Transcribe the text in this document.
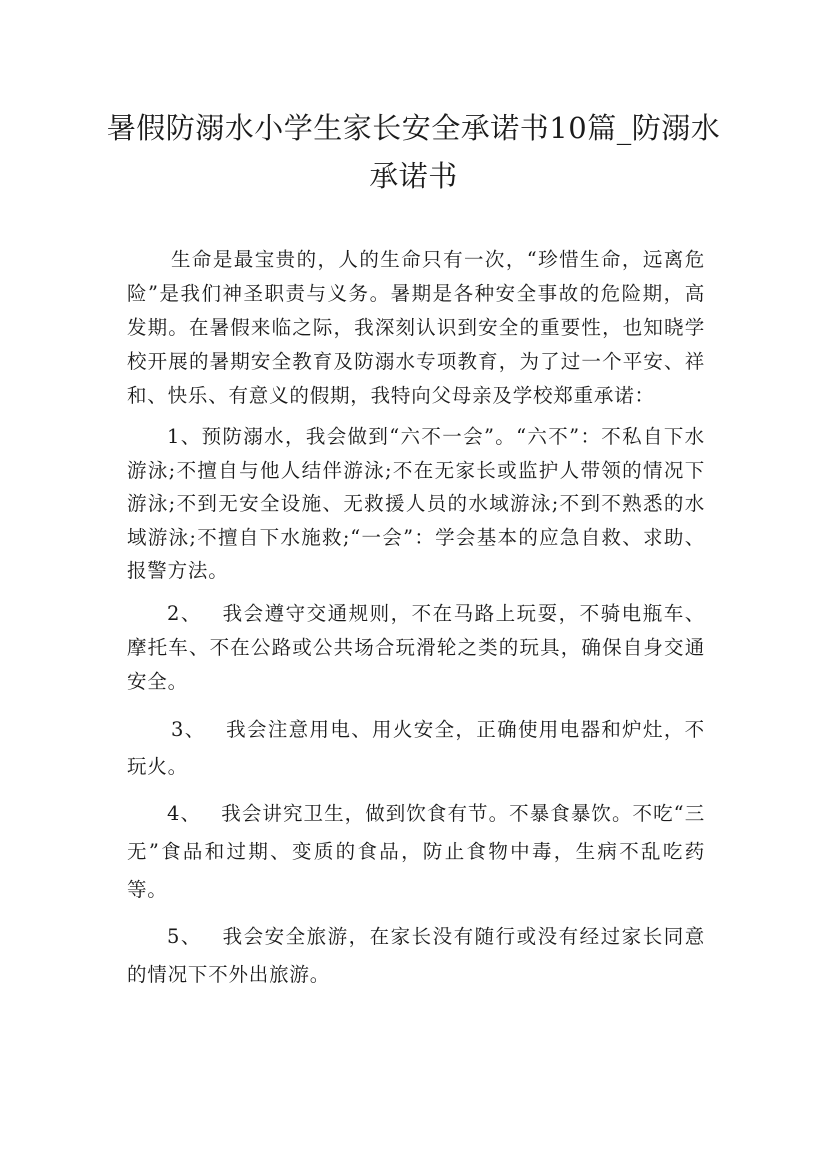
暑假防溺水小学生家长安全承诺书10篇_防溺水承诺书

生命是最宝贵的，人的生命只有一次，“珍惜生命，远离危险”是我们神圣职责与义务。暑期是各种安全事故的危险期，高发期。在暑假来临之际，我深刻认识到安全的重要性，也知晓学校开展的暑期安全教育及防溺水专项教育，为了过一个平安、祥和、快乐、有意义的假期，我特向父母亲及学校郑重承诺：

1、预防溺水，我会做到“六不一会”。“六不”：不私自下水游泳;不擅自与他人结伴游泳;不在无家长或监护人带领的情况下游泳;不到无安全设施、无救援人员的水域游泳;不到不熟悉的水域游泳;不擅自下水施救;“一会”：学会基本的应急自救、求助、报警方法。

2、 我会遵守交通规则，不在马路上玩耍，不骑电瓶车、摩托车、不在公路或公共场合玩滑轮之类的玩具，确保自身交通安全。

3、 我会注意用电、用火安全，正确使用电器和炉灶，不玩火。

4、 我会讲究卫生，做到饮食有节。不暴食暴饮。不吃“三无”食品和过期、变质的食品，防止食物中毒，生病不乱吃药等。

5、 我会安全旅游，在家长没有随行或没有经过家长同意的情况下不外出旅游。
